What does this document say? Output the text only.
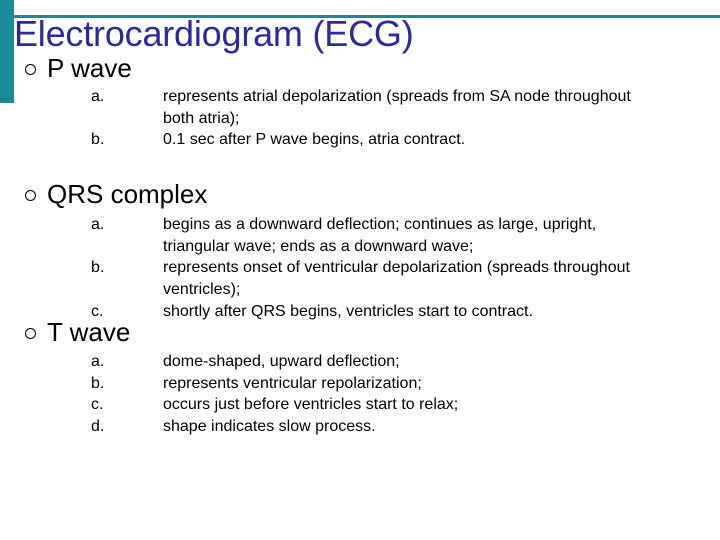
Electrocardiogram (ECG)
P wave
a.
b.
represents atrial depolarization (spreads from SA node throughout
both atria);
0.1 sec after P wave begins, atria contract.
QRS complex
a.
b.
c.
begins as a downward deflection; continues as large, upright,
triangular wave; ends as a downward wave;
represents onset of ventricular depolarization (spreads throughout
ventricles);
shortly after QRS begins, ventricles start to contract.
T wave
a.
b.
c.
d.
dome-shaped, upward deflection;
represents ventricular repolarization;
occurs just before ventricles start to relax;
shape indicates slow process.
